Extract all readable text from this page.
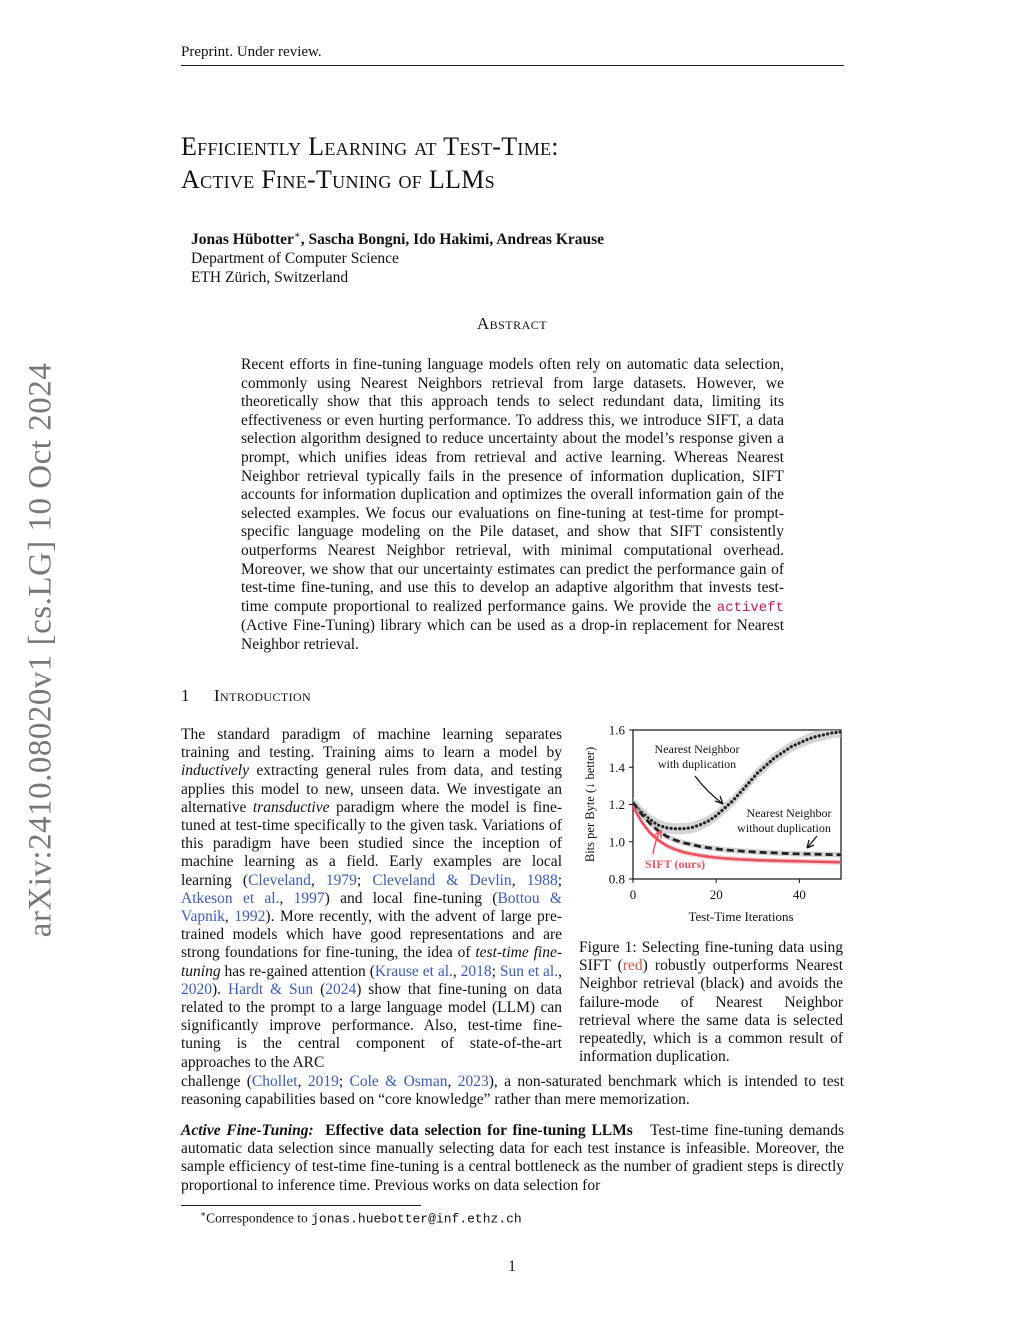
Preprint. Under review.
arXiv:2410.08020v1 [cs.LG] 10 Oct 2024
Efficiently Learning at Test-Time:
Active Fine-Tuning of LLMs
Jonas Hübotter∗, Sascha Bongni, Ido Hakimi, Andreas Krause
Department of Computer Science
ETH Zürich, Switzerland
Abstract
Recent efforts in fine-tuning language models often rely on automatic data selection, commonly using Nearest Neighbors retrieval from large datasets. However, we theoretically show that this approach tends to select redundant data, limiting its effectiveness or even hurting performance. To address this, we introduce SIFT, a data selection algorithm designed to reduce uncertainty about the model’s response given a prompt, which unifies ideas from retrieval and active learning. Whereas Nearest Neighbor retrieval typically fails in the presence of information duplication, SIFT accounts for information duplication and optimizes the overall information gain of the selected examples. We focus our evaluations on fine-tuning at test-time for prompt-specific language modeling on the Pile dataset, and show that SIFT consistently outperforms Nearest Neighbor retrieval, with minimal computational overhead. Moreover, we show that our uncertainty estimates can predict the performance gain of test-time fine-tuning, and use this to develop an adaptive algorithm that invests test-time compute proportional to realized performance gains. We provide the activeft (Active Fine-Tuning) library which can be used as a drop-in replacement for Nearest Neighbor retrieval.
1 Introduction
The standard paradigm of machine learning separates training and testing. Training aims to learn a model by inductively extracting general rules from data, and testing applies this model to new, unseen data. We investigate an alternative transductive paradigm where the model is fine-tuned at test-time specifically to the given task. Variations of this paradigm have been studied since the inception of machine learning as a field. Early examples are local learning (Cleveland, 1979; Cleveland & Devlin, 1988; Atkeson et al., 1997) and local fine-tuning (Bottou & Vapnik, 1992). More recently, with the advent of large pre-trained models which have good representations and are strong foundations for fine-tuning, the idea of test-time fine-tuning has re-gained attention (Krause et al., 2018; Sun et al., 2020). Hardt & Sun (2024) show that fine-tuning on data related to the prompt to a large language model (LLM) can significantly improve performance. Also, test-time fine-tuning is the central component of state-of-the-art approaches to the ARC
0.8
1.0
1.2
1.4
1.6
0	20	40
Test-Time Iterations
Bits per Byte (↓ better)	Nearest Neighbor
with duplication
Nearest Neighbor
without duplication
SIFT (ours)
Figure 1: Selecting fine-tuning data using SIFT (red) robustly outperforms Nearest Neighbor retrieval (black) and avoids the failure-mode of Nearest Neighbor retrieval where the same data is selected repeatedly, which is a common result of information duplication.
challenge (Chollet, 2019; Cole & Osman, 2023), a non-saturated benchmark which is intended to test reasoning capabilities based on “core knowledge” rather than mere memorization.
Active Fine-Tuning: Effective data selection for fine-tuning LLMs Test-time fine-tuning demands automatic data selection since manually selecting data for each test instance is infeasible. Moreover, the sample efficiency of test-time fine-tuning is a central bottleneck as the number of gradient steps is directly proportional to inference time. Previous works on data selection for
∗Correspondence to jonas.huebotter@inf.ethz.ch
1
